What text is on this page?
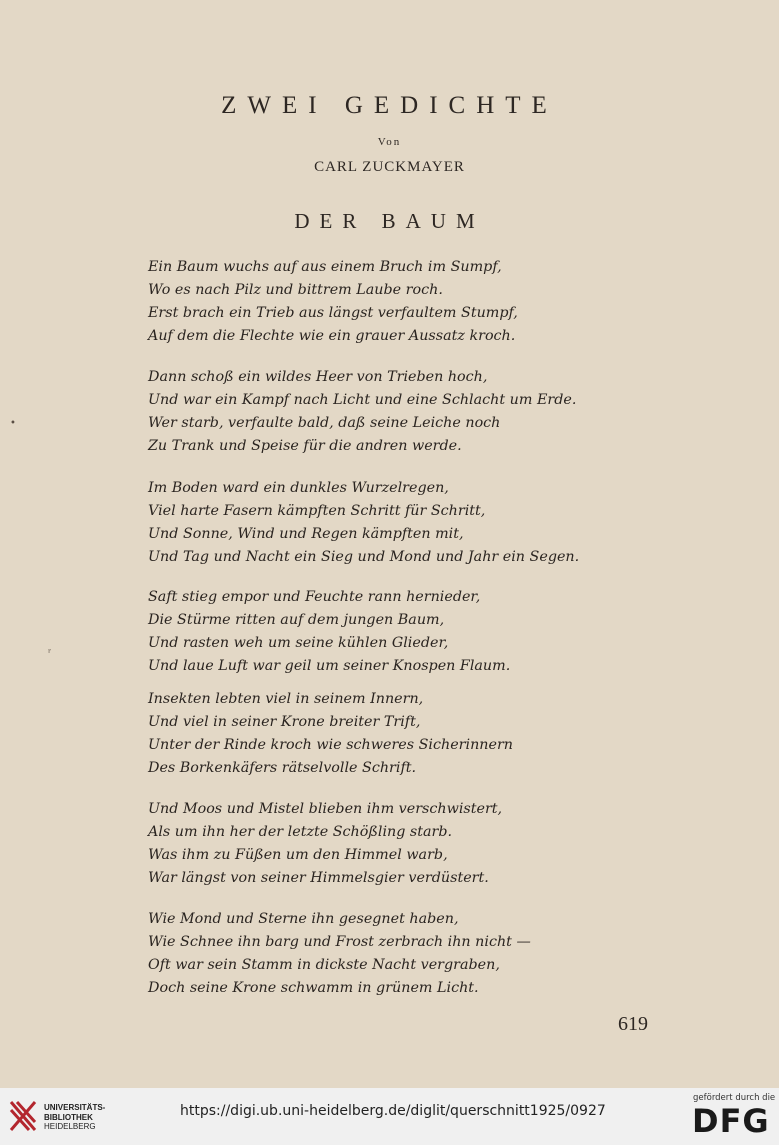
ZWEI GEDICHTE
Von
CARL ZUCKMAYER
DER BAUM
Ein Baum wuchs auf aus einem Bruch im Sumpf,
Wo es nach Pilz und bittrem Laube roch.
Erst brach ein Trieb aus längst verfaultem Stumpf,
Auf dem die Flechte wie ein grauer Aussatz kroch.
Dann schoß ein wildes Heer von Trieben hoch,
Und war ein Kampf nach Licht und eine Schlacht um Erde.
Wer starb, verfaulte bald, daß seine Leiche noch
Zu Trank und Speise für die andren werde.
Im Boden ward ein dunkles Wurzelregen,
Viel harte Fasern kämpften Schritt für Schritt,
Und Sonne, Wind und Regen kämpften mit,
Und Tag und Nacht ein Sieg und Mond und Jahr ein Segen.
Saft stieg empor und Feuchte rann hernieder,
Die Stürme ritten auf dem jungen Baum,
Und rasten weh um seine kühlen Glieder,
Und laue Luft war geil um seiner Knospen Flaum.
Insekten lebten viel in seinem Innern,
Und viel in seiner Krone breiter Trift,
Unter der Rinde kroch wie schweres Sicherinnern
Des Borkenkäfers rätselvolle Schrift.
Und Moos und Mistel blieben ihm verschwistert,
Als um ihn her der letzte Schößling starb.
Was ihm zu Füßen um den Himmel warb,
War längst von seiner Himmelsgier verdüstert.
Wie Mond und Sterne ihn gesegnet haben,
Wie Schnee ihn barg und Frost zerbrach ihn nicht —
Oft war sein Stamm in dickste Nacht vergraben,
Doch seine Krone schwamm in grünem Licht.
619
•
ʳ
UNIVERSITÄTS-
BIBLIOTHEK
HEIDELBERG
https://digi.ub.uni-heidelberg.de/diglit/querschnitt1925/0927
gefördert durch die
DFG
